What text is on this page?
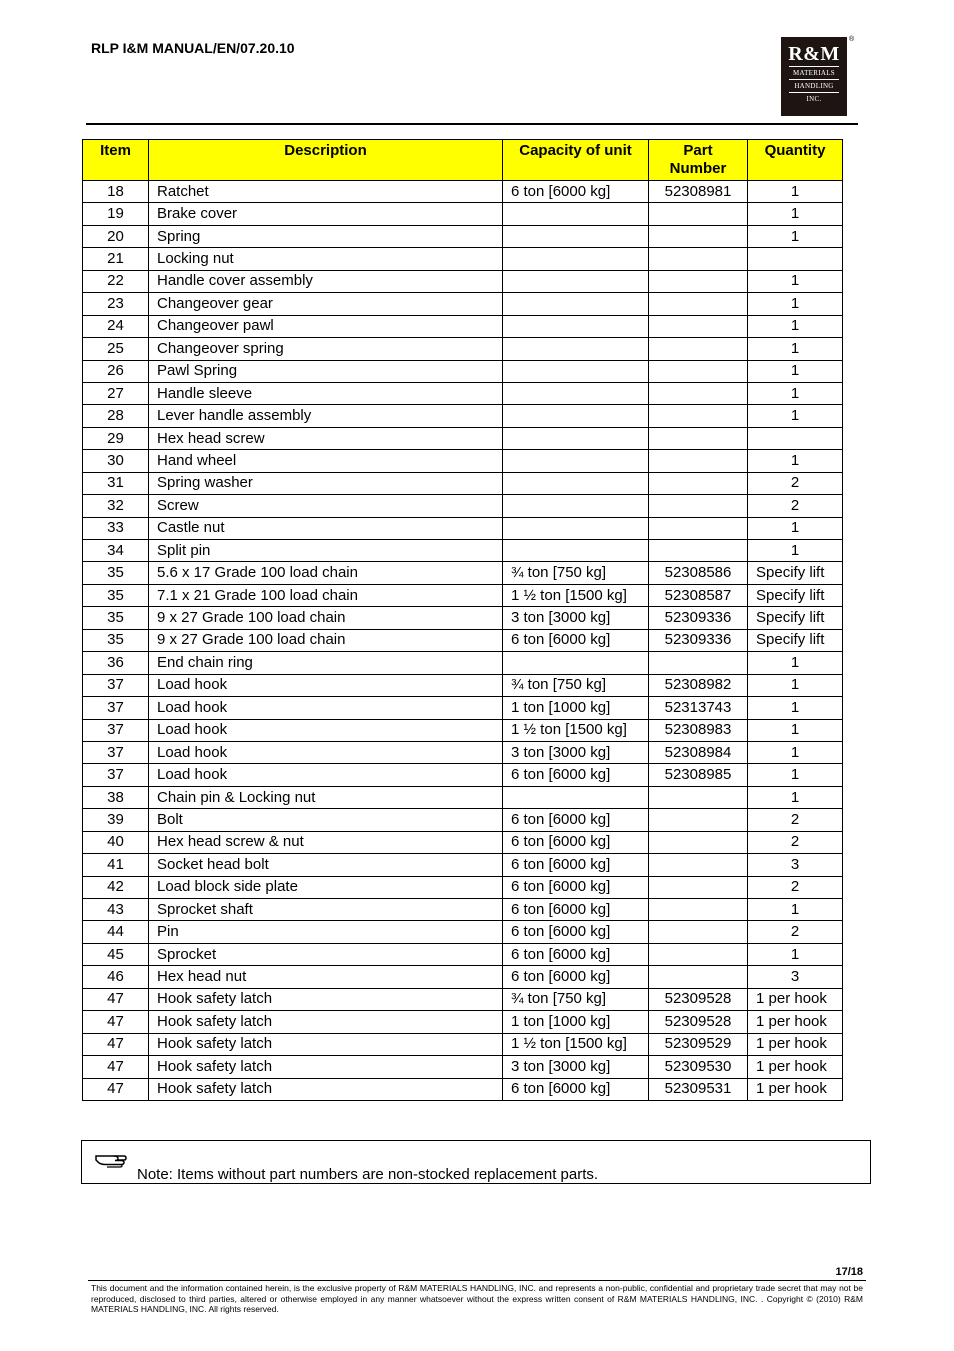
RLP I&M MANUAL/EN/07.20.10	R&M
MATERIALS
HANDLING
INC.
®
Item	Description	Capacity of unit	Part Number	Quantity
18	Ratchet	6 ton [6000 kg]	52308981	1
19	Brake cover			1
20	Spring			1
21	Locking nut			
22	Handle cover assembly			1
23	Changeover gear			1
24	Changeover pawl			1
25	Changeover spring			1
26	Pawl Spring			1
27	Handle sleeve			1
28	Lever handle assembly			1
29	Hex head screw			
30	Hand wheel			1
31	Spring washer			2
32	Screw			2
33	Castle nut			1
34	Split pin			1
35	5.6 x 17 Grade 100 load chain	¾ ton [750 kg]	52308586	Specify lift
35	7.1 x 21 Grade 100 load chain	1 ½ ton [1500 kg]	52308587	Specify lift
35	9 x 27 Grade 100 load chain	3 ton [3000 kg]	52309336	Specify lift
35	9 x 27 Grade 100 load chain	6 ton [6000 kg]	52309336	Specify lift
36	End chain ring			1
37	Load hook	¾ ton [750 kg]	52308982	1
37	Load hook	1 ton [1000 kg]	52313743	1
37	Load hook	1 ½ ton [1500 kg]	52308983	1
37	Load hook	3 ton [3000 kg]	52308984	1
37	Load hook	6 ton [6000 kg]	52308985	1
38	Chain pin & Locking nut			1
39	Bolt	6 ton [6000 kg]		2
40	Hex head screw & nut	6 ton [6000 kg]		2
41	Socket head bolt	6 ton [6000 kg]		3
42	Load block side plate	6 ton [6000 kg]		2
43	Sprocket shaft	6 ton [6000 kg]		1
44	Pin	6 ton [6000 kg]		2
45	Sprocket	6 ton [6000 kg]		1
46	Hex head nut	6 ton [6000 kg]		3
47	Hook safety latch	¾ ton [750 kg]	52309528	1 per hook
47	Hook safety latch	1 ton [1000 kg]	52309528	1 per hook
47	Hook safety latch	1 ½ ton [1500 kg]	52309529	1 per hook
47	Hook safety latch	3 ton [3000 kg]	52309530	1 per hook
47	Hook safety latch	6 ton [6000 kg]	52309531	1 per hook
Note: Items without part numbers are non-stocked replacement parts.
17/18
This document and the information contained herein, is the exclusive property of R&M MATERIALS HANDLING, INC. and represents a non-public, confidential and proprietary trade secret that may not be reproduced, disclosed to third parties, altered or otherwise employed in any manner whatsoever without the express written consent of R&M MATERIALS HANDLING, INC. . Copyright © (2010) R&M MATERIALS HANDLING, INC. All rights reserved.
